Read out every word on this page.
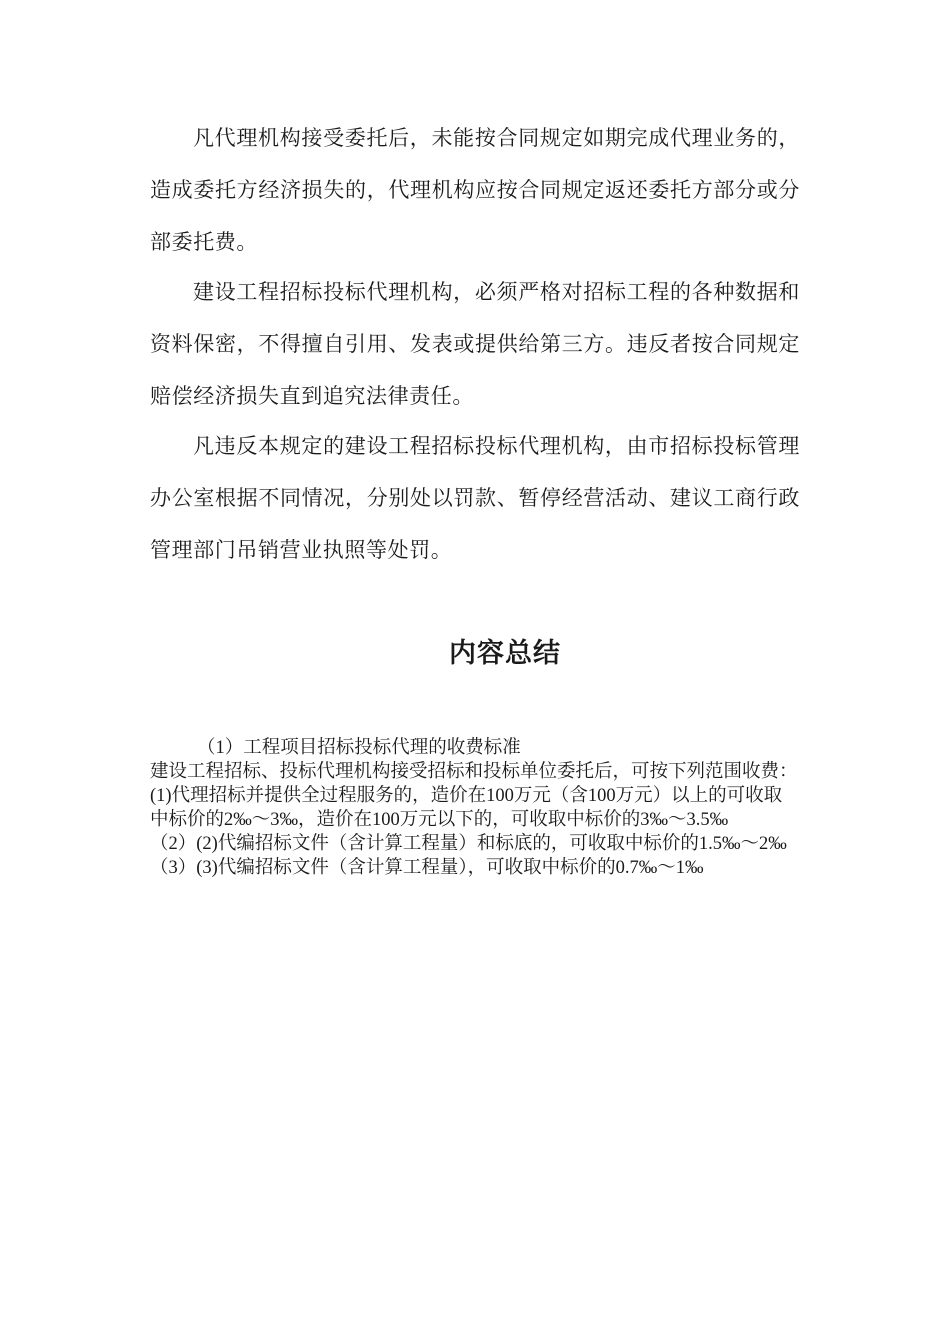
凡代理机构接受委托后，未能按合同规定如期完成代理业务的，造成委托方经济损失的，代理机构应按合同规定返还委托方部分或分部委托费。

建设工程招标投标代理机构，必须严格对招标工程的各种数据和资料保密，不得擅自引用、发表或提供给第三方。违反者按合同规定赔偿经济损失直到追究法律责任。

凡违反本规定的建设工程招标投标代理机构，由市招标投标管理办公室根据不同情况，分别处以罚款、暂停经营活动、建议工商行政管理部门吊销营业执照等处罚。

内容总结

（1）工程项目招标投标代理的收费标准

建设工程招标、投标代理机构接受招标和投标单位委托后，可按下列范围收费：

(1)代理招标并提供全过程服务的，造价在100万元（含100万元）以上的可收取中标价的2‰～3‰，造价在100万元以下的，可收取中标价的3‰～3.5‰

（2）(2)代编招标文件（含计算工程量）和标底的，可收取中标价的1.5‰～2‰

（3）(3)代编招标文件（含计算工程量），可收取中标价的0.7‰～1‰
